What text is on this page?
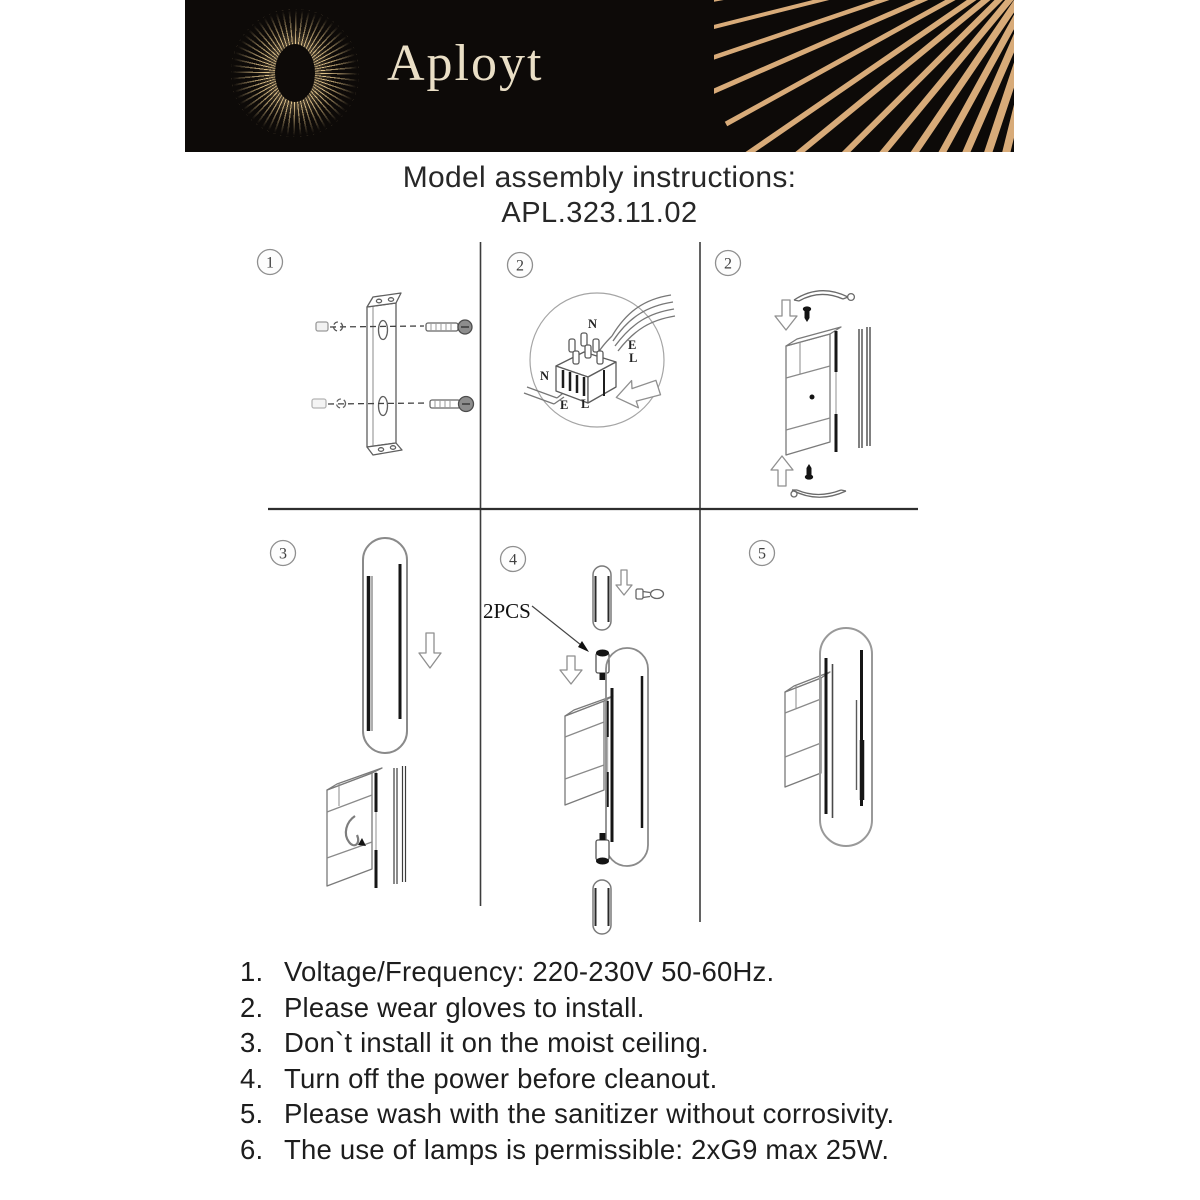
Aployt
Model assembly instructions:
APL.323.11.02
1	2	2
3	4	5
N
E
L
N
E L
2PCS
1. Voltage/Frequency: 220-230V 50-60Hz.
2. Please wear gloves to install.
3. Don`t install it on the moist ceiling.
4. Turn off the power before cleanout.
5. Please wash with the sanitizer without corrosivity.
6. The use of lamps is permissible: 2xG9 max 25W.
